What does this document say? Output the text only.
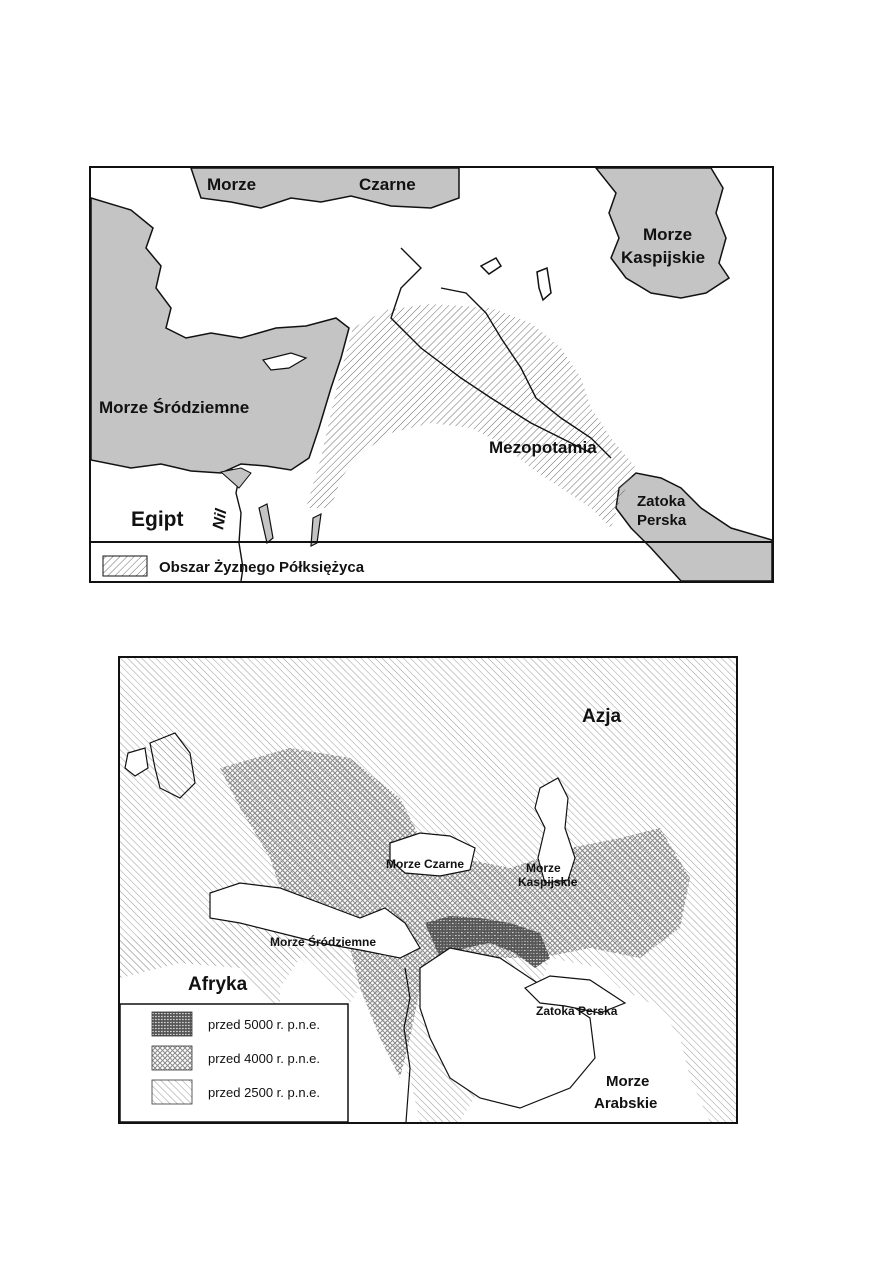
Morze	Czarne
Morze
Kaspijskie
Morze Śródziemne
Mezopotamia
Zatoka
Perska
Egipt Nil
Obszar Żyznego Półksiężyca
przed 5000 r. p.n.e.
przed 4000 r. p.n.e.
przed 2500 r. p.n.e.
Azja
Morze Czarne	Morze
Kaspijskie
Morze Śródziemne
Afryka
Zatoka Perska
Morze
Arabskie
